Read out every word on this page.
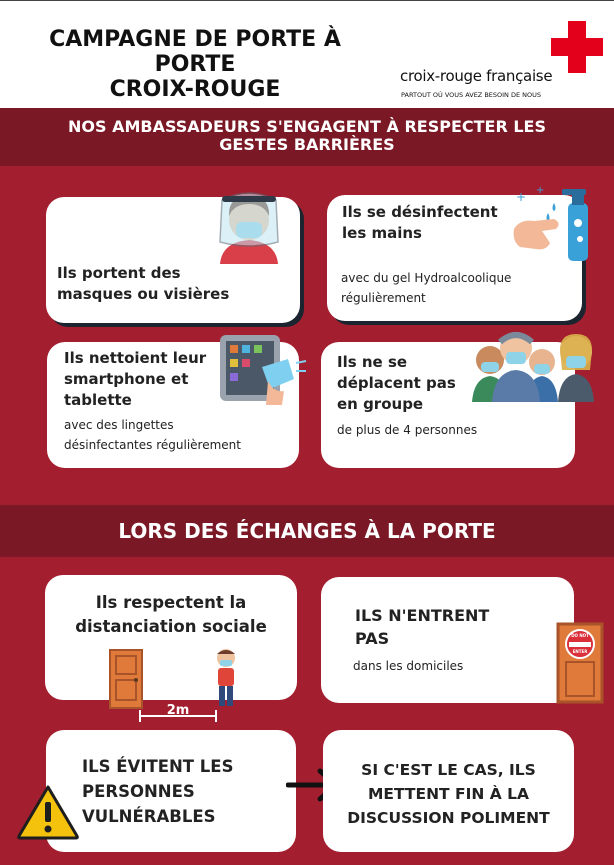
CAMPAGNE DE PORTE À
PORTE
CROIX-ROUGE
croix-rouge française
PARTOUT OÙ VOUS AVEZ BESOIN DE NOUS
NOS AMBASSADEURS S'ENGAGENT À RESPECTER LES
GESTES BARRIÈRES
Ils portent des
masques ou visières
Ils se désinfectent
les mains
avec du gel Hydroalcoolique
régulièrement
+ +
Ils nettoient leur
smartphone et
tablette
avec des lingettes
désinfectantes régulièrement
Ils ne se
déplacent pas
en groupe
de plus de 4 personnes
LORS DES ÉCHANGES À LA PORTE
Ils respectent la
distanciation sociale
2m
ILS N'ENTRENT
PAS
dans les domiciles
DO NOT
ENTER
ILS ÉVITENT LES
PERSONNES
VULNÉRABLES
SI C'EST LE CAS, ILS
METTENT FIN À LA
DISCUSSION POLIMENT
